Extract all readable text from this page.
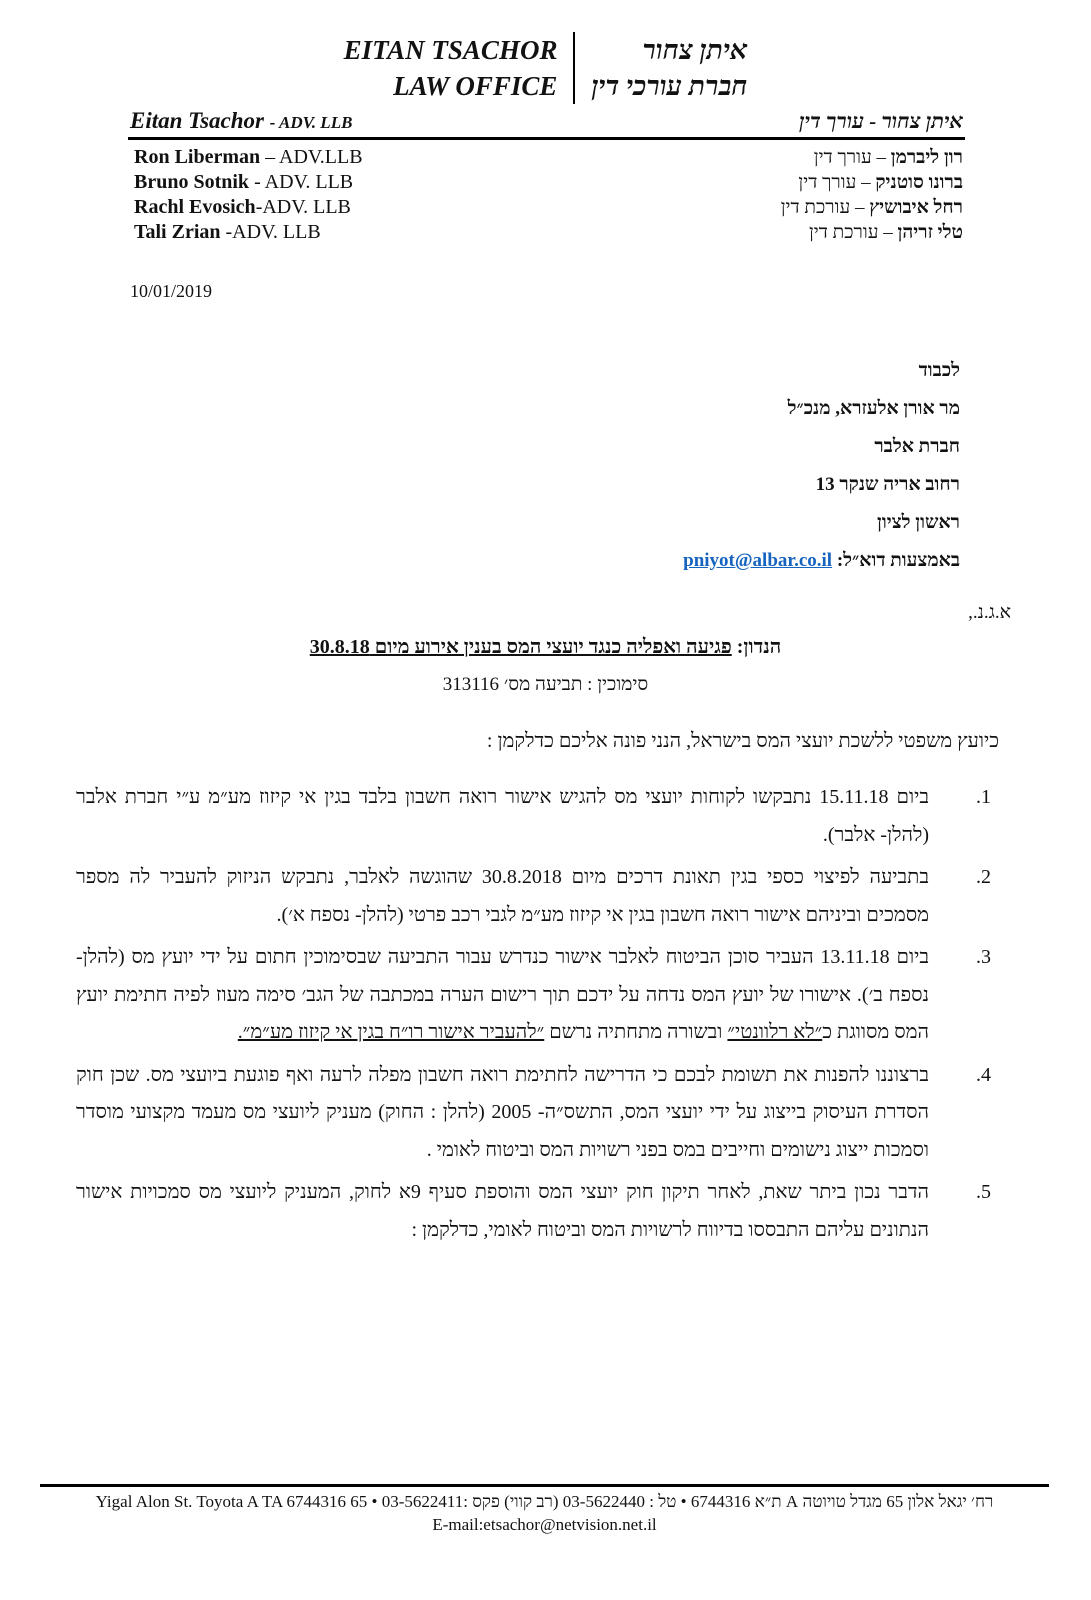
EITAN TSACHOR
LAW OFFICE
איתן צחור
חברת עורכי דין
Eitan Tsachor - ADV. LLB	איתן צחור - עורך דין
Ron Liberman – ADV.LLB	רון ליברמן – עורך דין
Bruno Sotnik - ADV. LLB	ברונו סוטניק – עורך דין
Rachl Evosich-ADV. LLB	רחל איבושיץ – עורכת דין
Tali Zrian -ADV. LLB	טלי זריהן – עורכת דין
10/01/2019
לכבוד
מר אורן אלעזרא, מנכ״ל
חברת אלבר
רחוב אריה שנקר 13
ראשון לציון
באמצעות דוא״ל: pniyot@albar.co.il
א.ג.נ.,
הנדון: פגיעה ואפליה כנגד יועצי המס בענין אירוע מיום 30.8.18
סימוכין : תביעה מס׳ 313116
כיועץ משפטי ללשכת יועצי המס בישראל, הנני פונה אליכם כדלקמן :
1.
ביום 15.11.18 נתבקשו לקוחות יועצי מס להגיש אישור רואה חשבון בלבד בגין אי קיזוז מע״מ ע״י חברת אלבר (להלן- אלבר).
2.
בתביעה לפיצוי כספי בגין תאונת דרכים מיום 30.8.2018 שהוגשה לאלבר, נתבקש הניזוק להעביר לה מספר מסמכים וביניהם אישור רואה חשבון בגין אי קיזוז מע״מ לגבי רכב פרטי (להלן- נספח א׳).
3.
ביום 13.11.18 העביר סוכן הביטוח לאלבר אישור כנדרש עבור התביעה שבסימוכין חתום על ידי יועץ מס (להלן- נספח ב׳). אישורו של יועץ המס נדחה על ידכם תוך רישום הערה במכתבה של הגב׳ סימה מעוז לפיה חתימת יועץ המס מסווגת כ״לא רלוונטי״ ובשורה מתחתיה נרשם ״להעביר אישור רו״ח בגין אי קיזוז מע״מ״.
4.
ברצוננו להפנות את תשומת לבכם כי הדרישה לחתימת רואה חשבון מפלה לרעה ואף פוגעת ביועצי מס. שכן חוק הסדרת העיסוק בייצוג על ידי יועצי המס, התשס״ה- 2005 (להלן : החוק) מעניק ליועצי מס מעמד מקצועי מוסדר וסמכות ייצוג נישומים וחייבים במס בפני רשויות המס וביטוח לאומי .
5.
הדבר נכון ביתר שאת, לאחר תיקון חוק יועצי המס והוספת סעיף 9א לחוק, המעניק ליועצי מס סמכויות אישור הנתונים עליהם התבססו בדיווח לרשויות המס וביטוח לאומי, כדלקמן :
רח׳ יגאל אלון 65 מגדל טויוטה A ת״א 6744316 • טל : 03-5622440 (רב קווי) פקס :03-5622411 • 65 Yigal Alon St. Toyota A TA 6744316
E-mail:etsachor@netvision.net.il
